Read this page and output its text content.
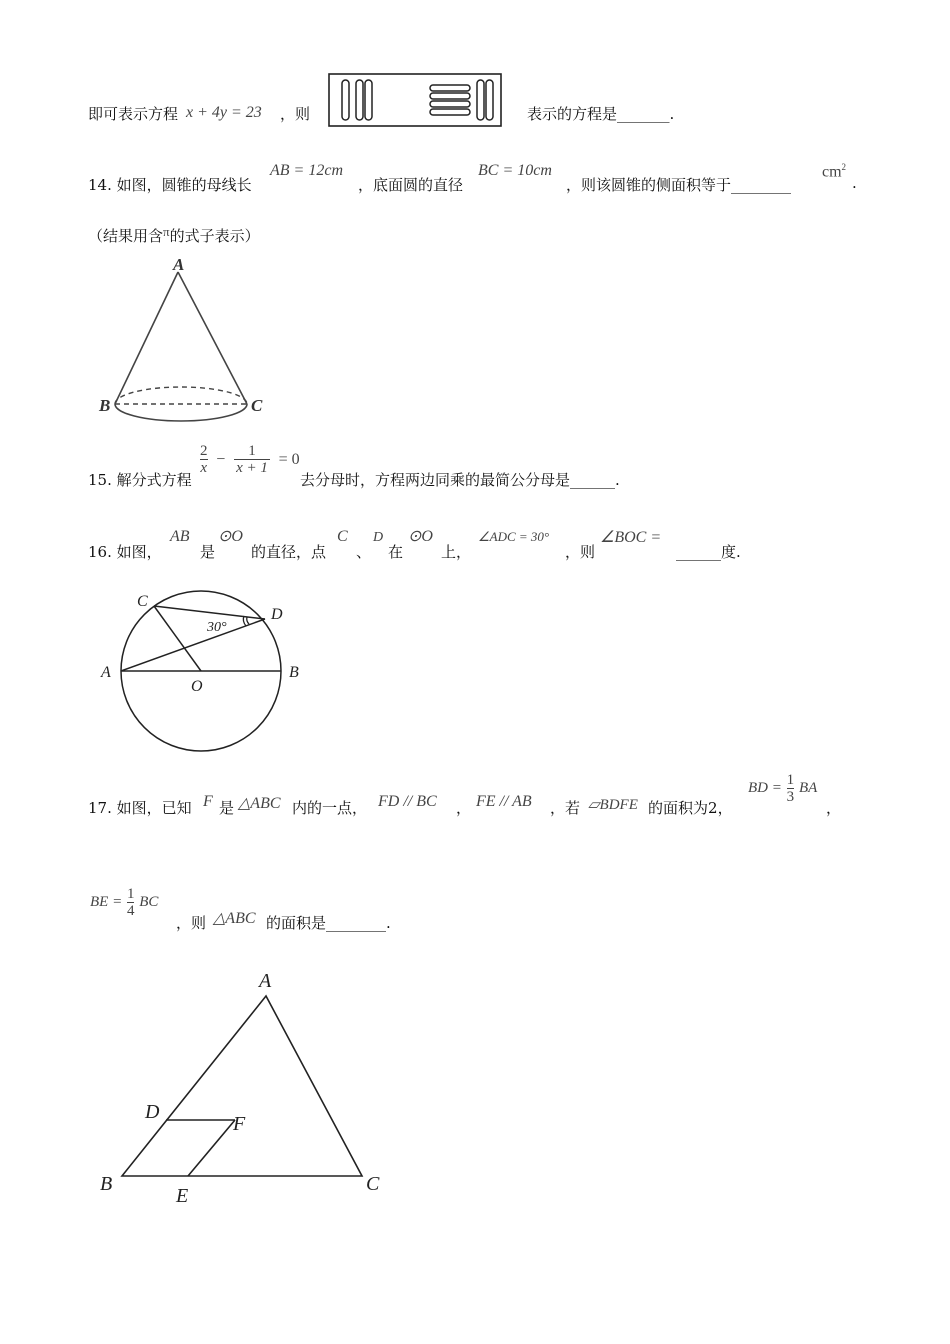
即可表示方程 x + 4y = 23 ，则	表示的方程是_______.
14. 如图，圆锥的母线长
AB = 12cm
，底面圆的直径
BC = 10cm
，则该圆锥的侧面积等于________
$cm^2$
.
（结果用含π的式子表示）
A
B	C
15. 解分式方程
$\frac{2}{x} - \frac{1}{x + 1} = 0$
去分母时，方程两边同乘的最简公分母是______.
16. 如图，
AB
是
⊙O
的直径，点
C
、
D
在
⊙O
上，
∠ADC = 30°
，则
∠BOC =
______度.
C
D
A	B
O
30°
17. 如图，已知 F 是 △ABC 内的一点， FD // BC ， FE // AB ，若 ▱BDFE 的面积为2，
BD = $\frac{1}{3}$ BA
，
BE = $\frac{1}{4}$ BC
，则 △ABC 的面积是________.
A
B	C
D
E
F
